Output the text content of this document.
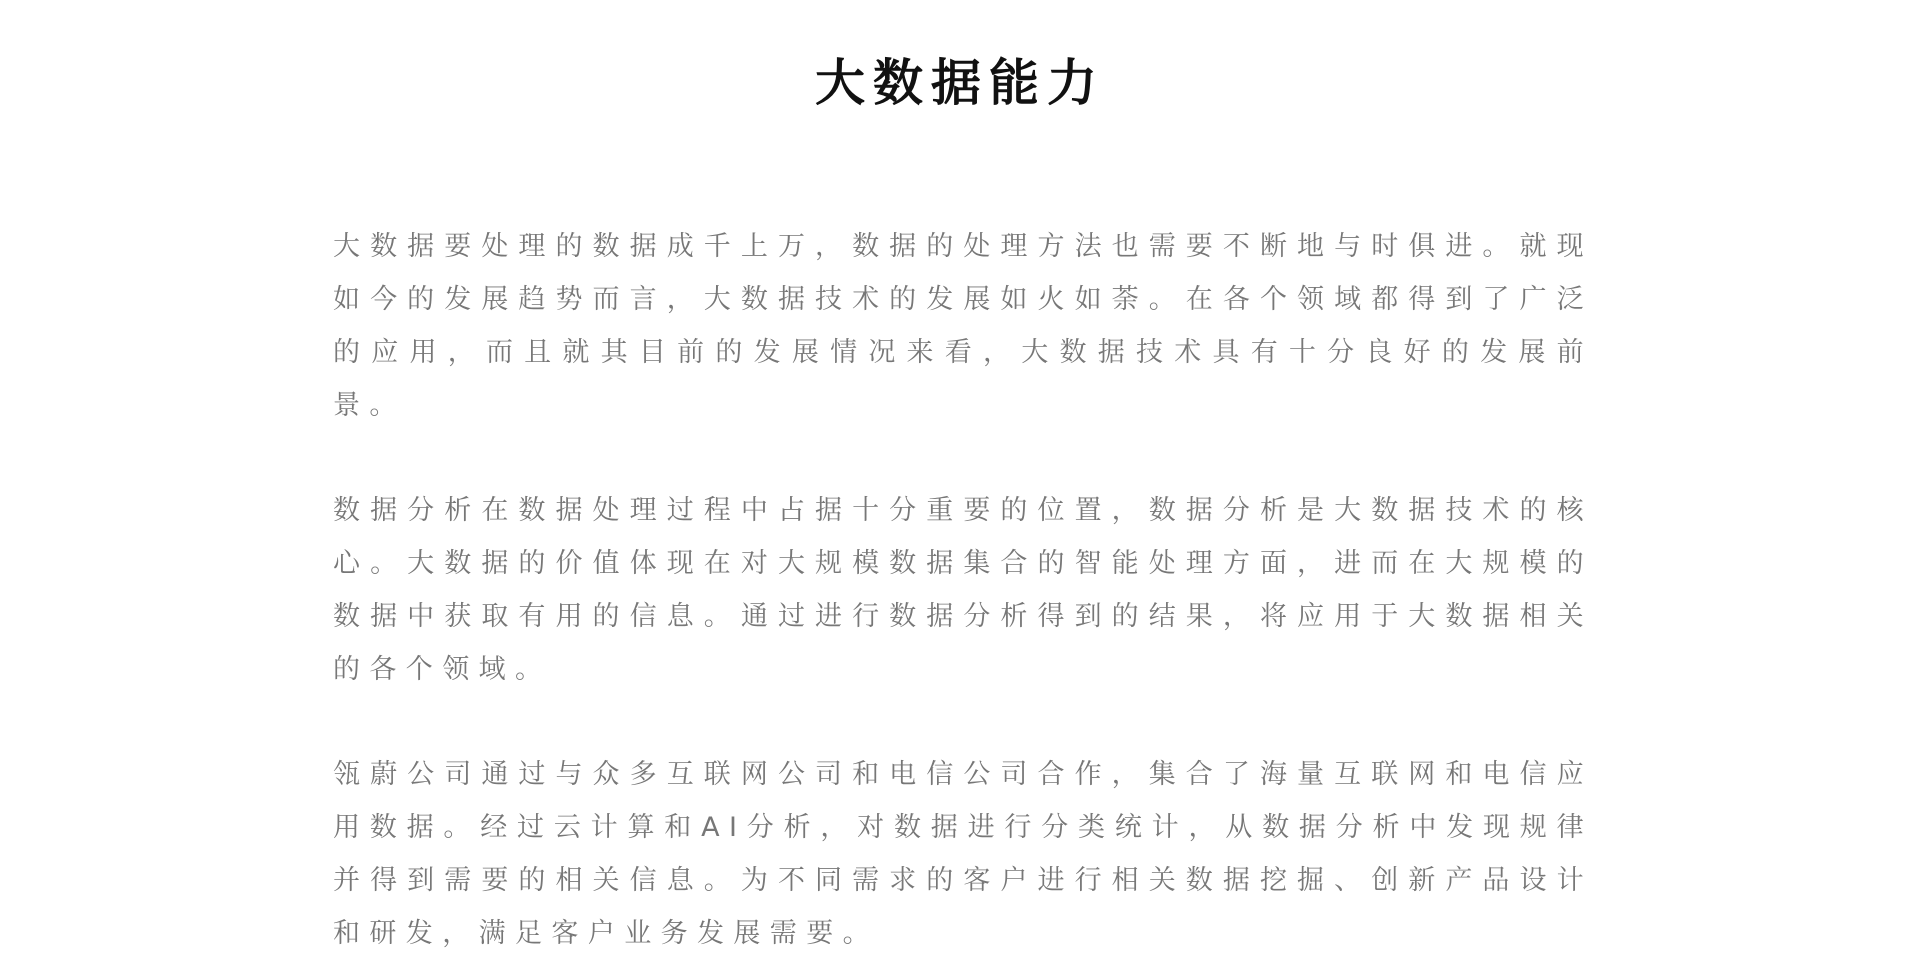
大数据能力

大数据要处理的数据成千上万，数据的处理方法也需要不断地与时俱进。就现如今的发展趋势而言，大数据技术的发展如火如荼。在各个领域都得到了广泛的应用，而且就其目前的发展情况来看，大数据技术具有十分良好的发展前景。

数据分析在数据处理过程中占据十分重要的位置，数据分析是大数据技术的核心。大数据的价值体现在对大规模数据集合的智能处理方面，进而在大规模的数据中获取有用的信息。通过进行数据分析得到的结果，将应用于大数据相关的各个领域。

瓴蔚公司通过与众多互联网公司和电信公司合作，集合了海量互联网和电信应用数据。经过云计算和AI分析，对数据进行分类统计，从数据分析中发现规律并得到需要的相关信息。为不同需求的客户进行相关数据挖掘、创新产品设计和研发，满足客户业务发展需要。
